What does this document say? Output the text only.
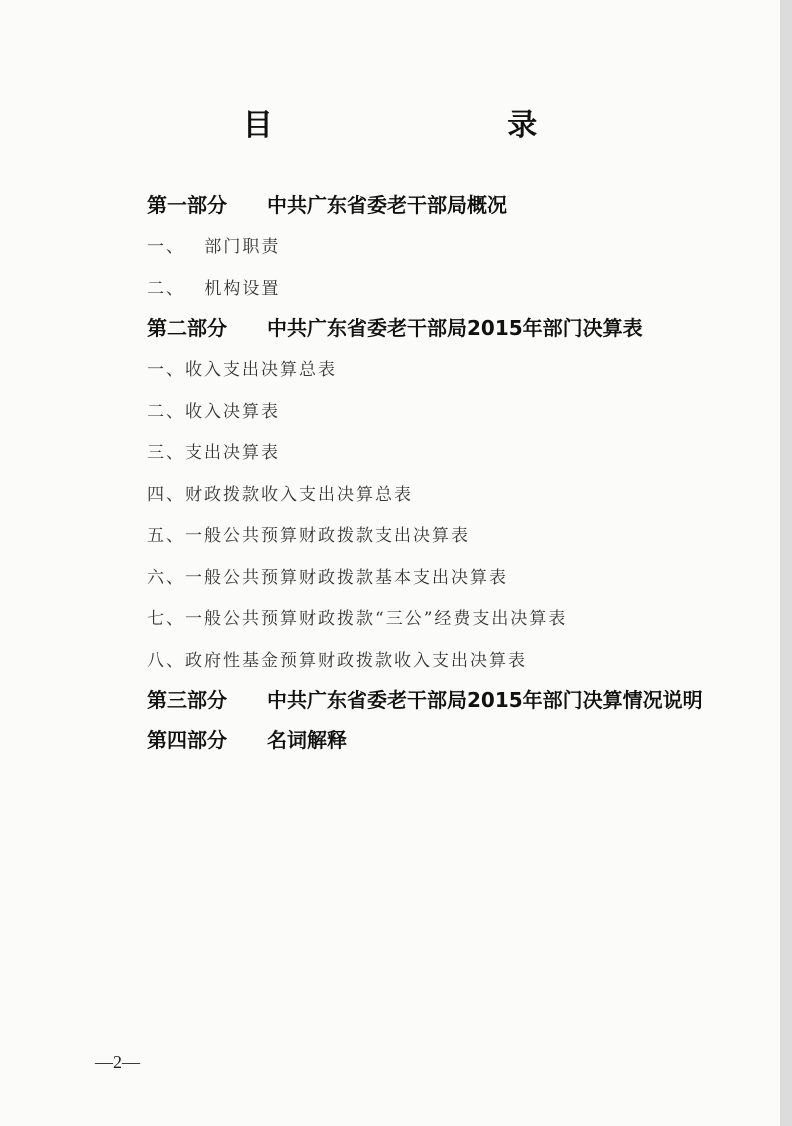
目 录
第一部分 中共广东省委老干部局概况
一、 部门职责
二、 机构设置
第二部分 中共广东省委老干部局2015年部门决算表
一、收入支出决算总表
二、收入决算表
三、支出决算表
四、财政拨款收入支出决算总表
五、一般公共预算财政拨款支出决算表
六、一般公共预算财政拨款基本支出决算表
七、一般公共预算财政拨款“三公”经费支出决算表
八、政府性基金预算财政拨款收入支出决算表
第三部分 中共广东省委老干部局2015年部门决算情况说明
第四部分 名词解释
—2—
